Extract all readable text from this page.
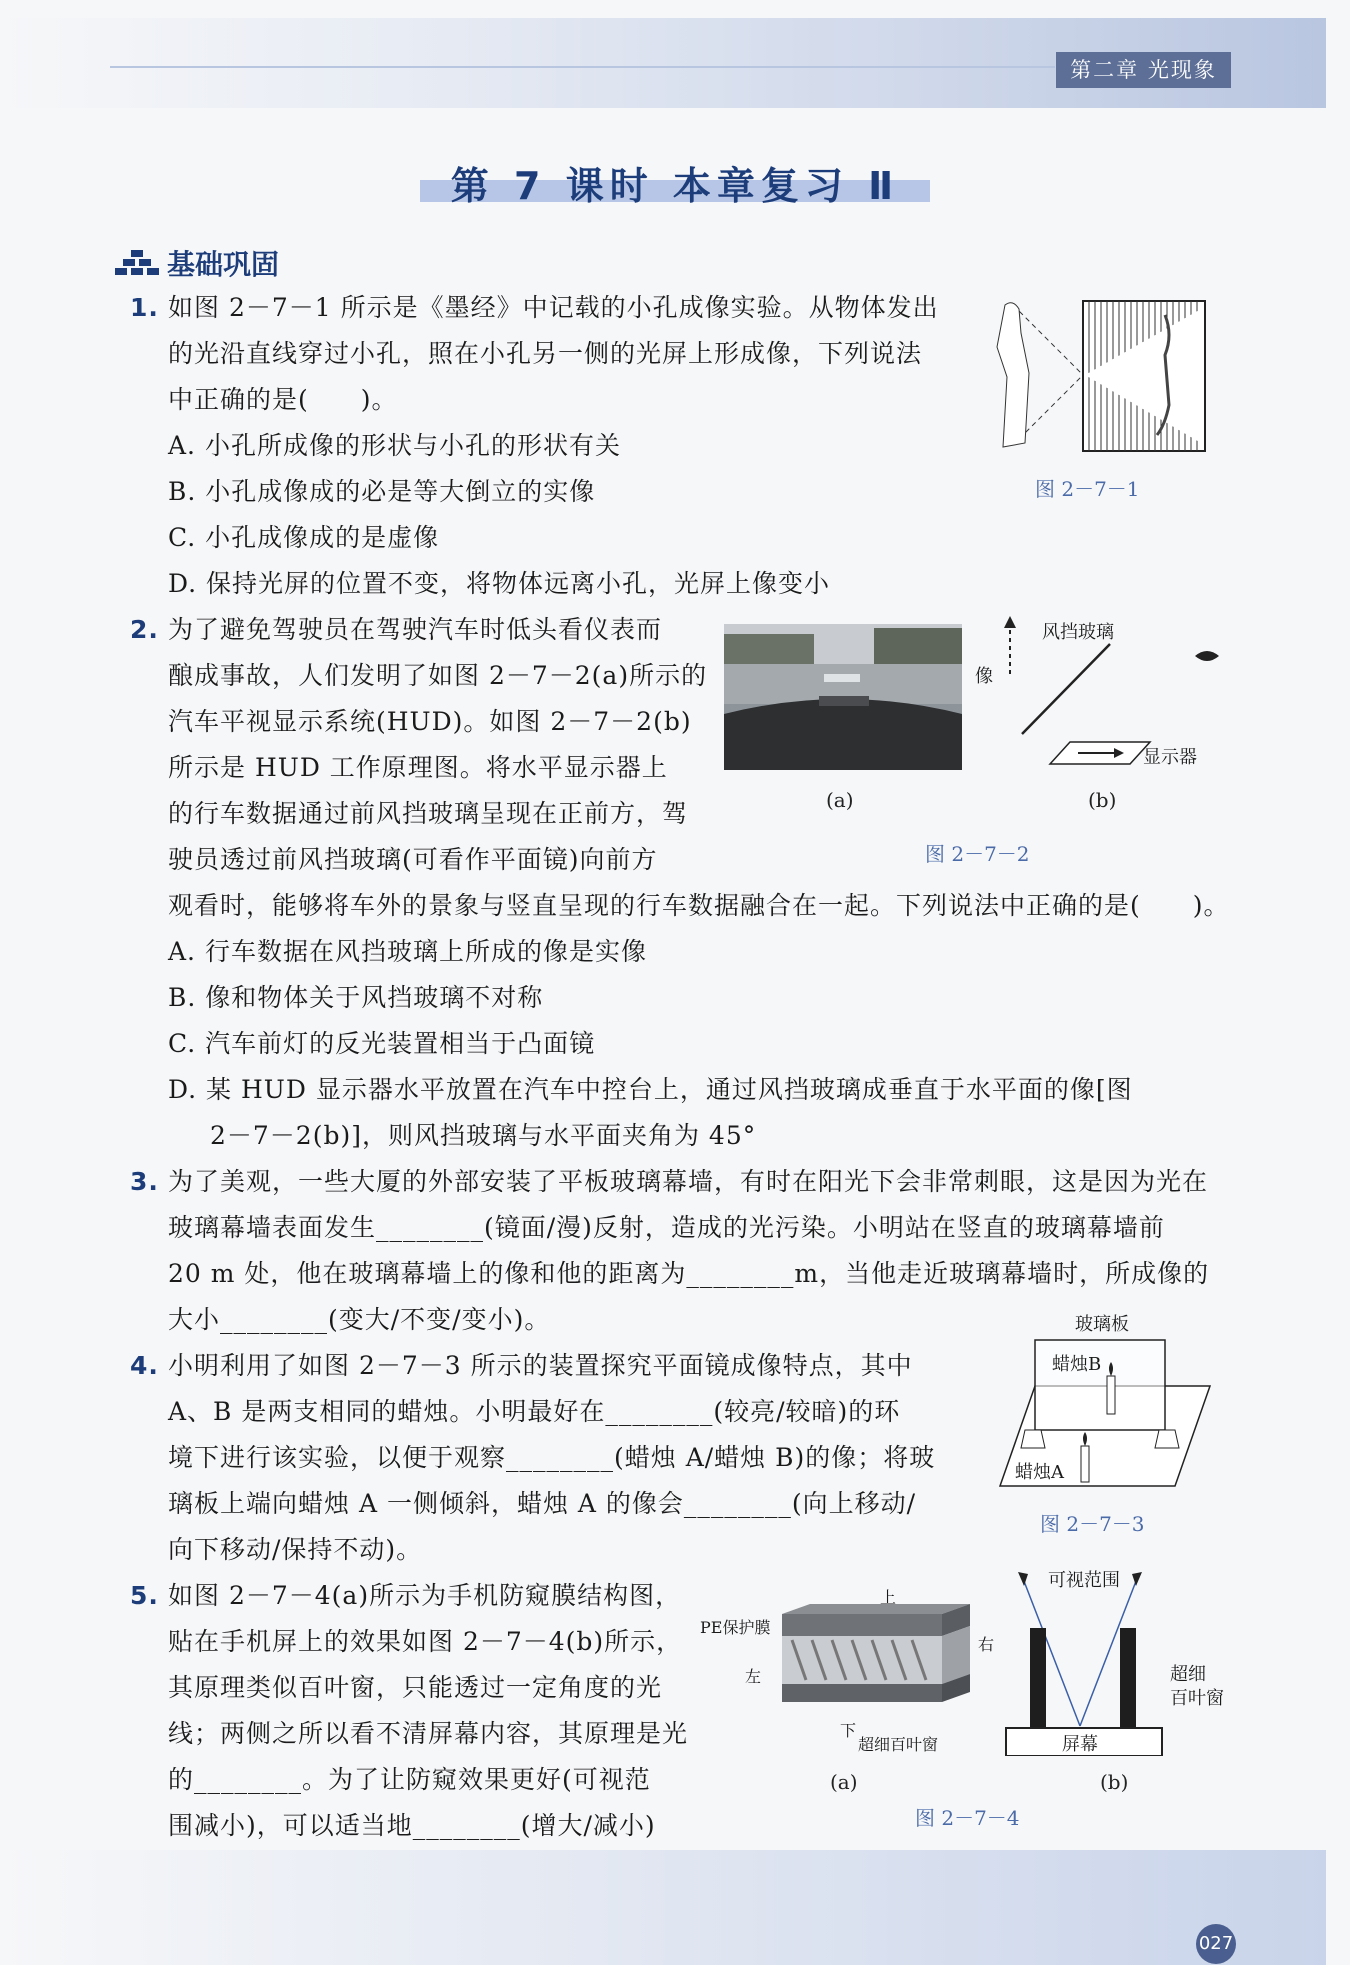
第二章 光现象
第 7 课时 本章复习 Ⅱ
基础巩固
1. 如图 2－7－1 所示是《墨经》中记载的小孔成像实验。从物体发出
的光沿直线穿过小孔，照在小孔另一侧的光屏上形成像，下列说法
中正确的是(　　)。
A. 小孔所成像的形状与小孔的形状有关
B. 小孔成像成的必是等大倒立的实像
C. 小孔成像成的是虚像
D. 保持光屏的位置不变，将物体远离小孔，光屏上像变小
图 2－7－1
2. 为了避免驾驶员在驾驶汽车时低头看仪表而
酿成事故，人们发明了如图 2－7－2(a)所示的
汽车平视显示系统(HUD)。如图 2－7－2(b)
所示是 HUD 工作原理图。将水平显示器上
的行车数据通过前风挡玻璃呈现在正前方，驾
驶员透过前风挡玻璃(可看作平面镜)向前方
观看时，能够将车外的景象与竖直呈现的行车数据融合在一起。下列说法中正确的是(　　)。
A. 行车数据在风挡玻璃上所成的像是实像
B. 像和物体关于风挡玻璃不对称
C. 汽车前灯的反光装置相当于凸面镜
D. 某 HUD 显示器水平放置在汽车中控台上，通过风挡玻璃成垂直于水平面的像[图
2－7－2(b)]，则风挡玻璃与水平面夹角为 45°
(a)
风挡玻璃
像
显示器
(b)
图 2－7－2
3. 为了美观，一些大厦的外部安装了平板玻璃幕墙，有时在阳光下会非常刺眼，这是因为光在
玻璃幕墙表面发生________(镜面/漫)反射，造成的光污染。小明站在竖直的玻璃幕墙前
20 m 处，他在玻璃幕墙上的像和他的距离为________m，当他走近玻璃幕墙时，所成像的
大小________(变大/不变/变小)。
4. 小明利用了如图 2－7－3 所示的装置探究平面镜成像特点，其中
A、B 是两支相同的蜡烛。小明最好在________(较亮/较暗)的环
境下进行该实验，以便于观察________(蜡烛 A/蜡烛 B)的像；将玻
璃板上端向蜡烛 A 一侧倾斜，蜡烛 A 的像会________(向上移动/
向下移动/保持不动)。
玻璃板
蜡烛B
蜡烛A
图 2－7－3
5. 如图 2－7－4(a)所示为手机防窥膜结构图，
贴在手机屏上的效果如图 2－7－4(b)所示，
其原理类似百叶窗，只能透过一定角度的光
线；两侧之所以看不清屏幕内容，其原理是光
的________。为了让防窥效果更好(可视范
围减小)，可以适当地________(增大/减小)
PE保护膜
上
左
右
下
超细百叶窗
(a)
可视范围
超细
百叶窗
屏幕
(b)
图 2－7－4
027
